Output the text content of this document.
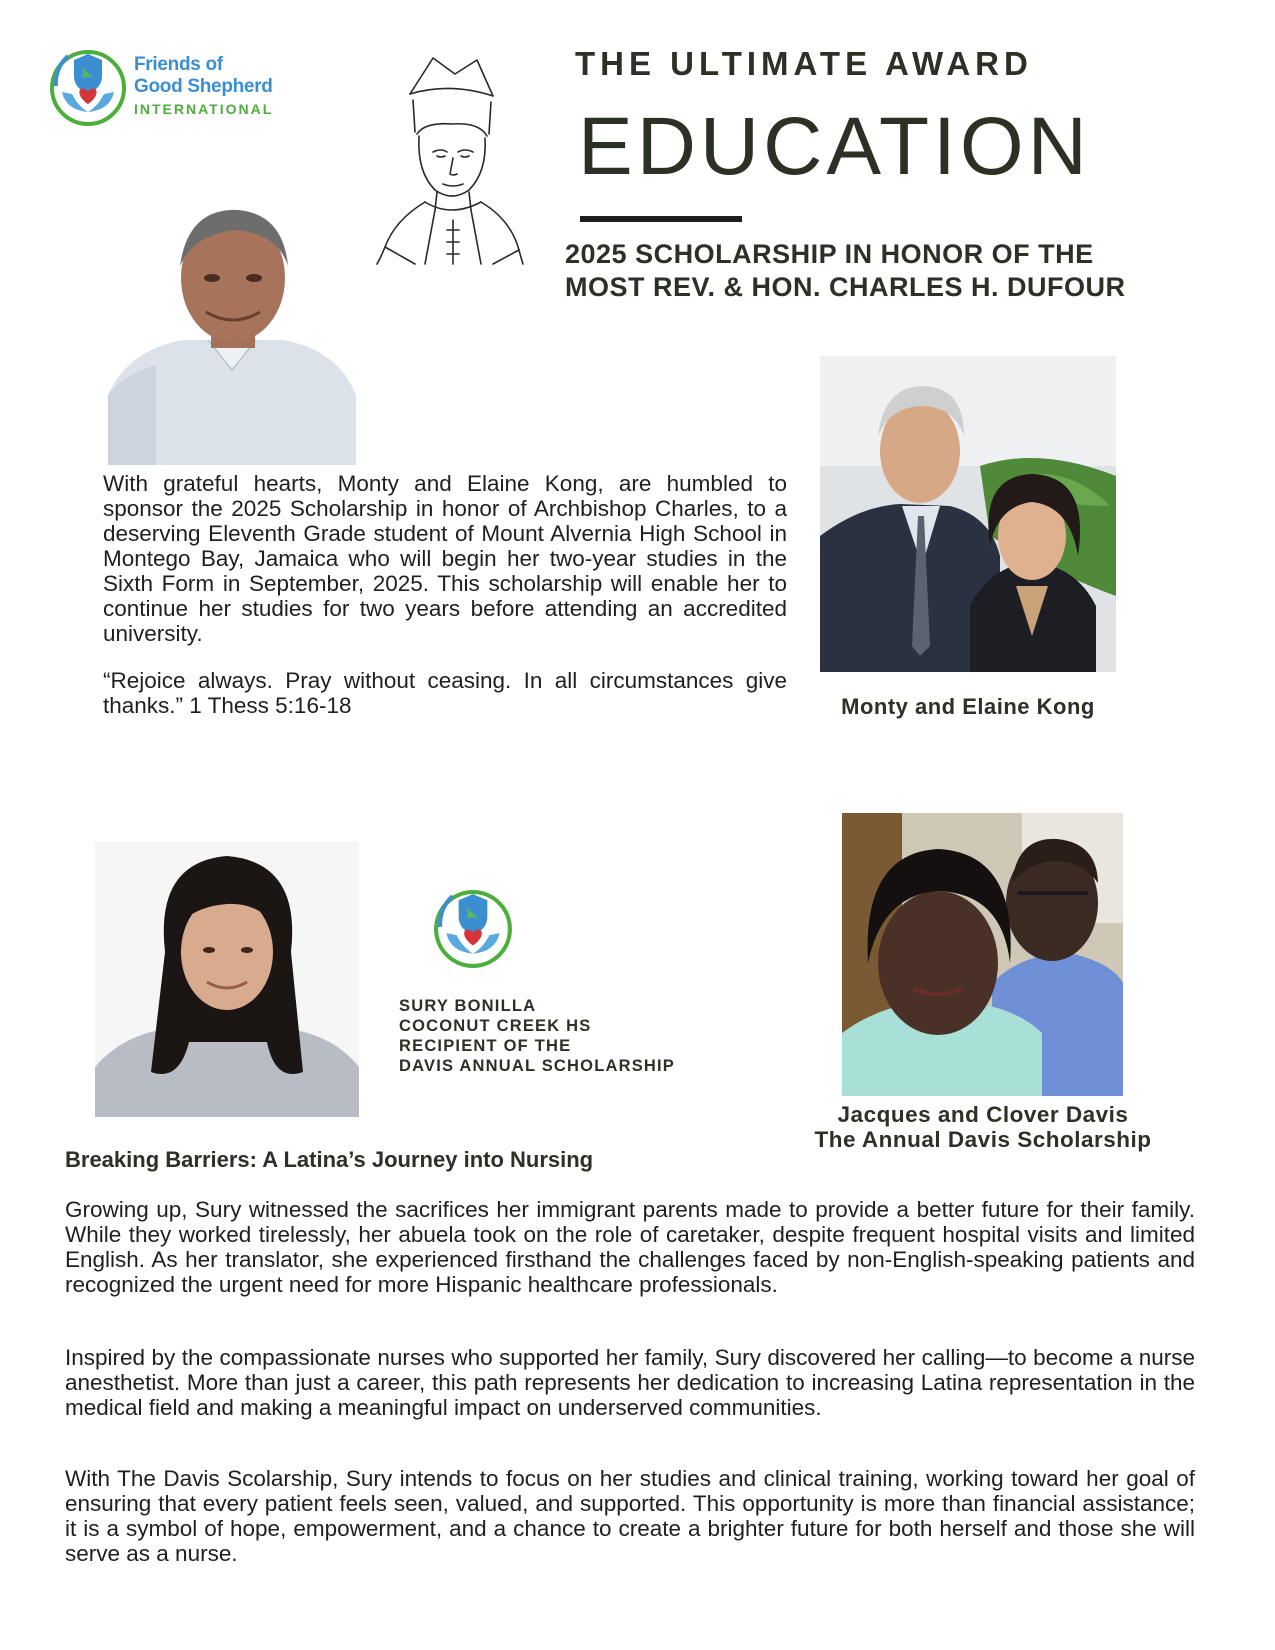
Friends of
Good Shepherd
INTERNATIONAL
THE ULTIMATE AWARD
EDUCATION
2025 SCHOLARSHIP IN HONOR OF THE
MOST REV. & HON. CHARLES H. DUFOUR
With grateful hearts, Monty and Elaine Kong, are humbled to sponsor the 2025 Scholarship in honor of Archbishop Charles, to a deserving Eleventh Grade student of Mount Alvernia High School in Montego Bay, Jamaica who will begin her two-year studies in the Sixth Form in September, 2025. This scholarship will enable her to continue her studies for two years before attending an accredited university.
“Rejoice always. Pray without ceasing. In all circumstances give thanks.” 1 Thess 5:16-18	Monty and Elaine Kong
SURY BONILLA
COCONUT CREEK HS
RECIPIENT OF THE
DAVIS ANNUAL SCHOLARSHIP
Jacques and Clover Davis
The Annual Davis Scholarship
Breaking Barriers: A Latina’s Journey into Nursing
Growing up, Sury witnessed the sacrifices her immigrant parents made to provide a better future for their family. While they worked tirelessly, her abuela took on the role of caretaker, despite frequent hospital visits and limited English. As her translator, she experienced firsthand the challenges faced by non-English-speaking patients and recognized the urgent need for more Hispanic healthcare professionals.
Inspired by the compassionate nurses who supported her family, Sury discovered her calling—to become a nurse anesthetist. More than just a career, this path represents her dedication to increasing Latina representation in the medical field and making a meaningful impact on underserved communities.
With The Davis Scolarship, Sury intends to focus on her studies and clinical training, working toward her goal of ensuring that every patient feels seen, valued, and supported. This opportunity is more than financial assistance; it is a symbol of hope, empowerment, and a chance to create a brighter future for both herself and those she will serve as a nurse.
